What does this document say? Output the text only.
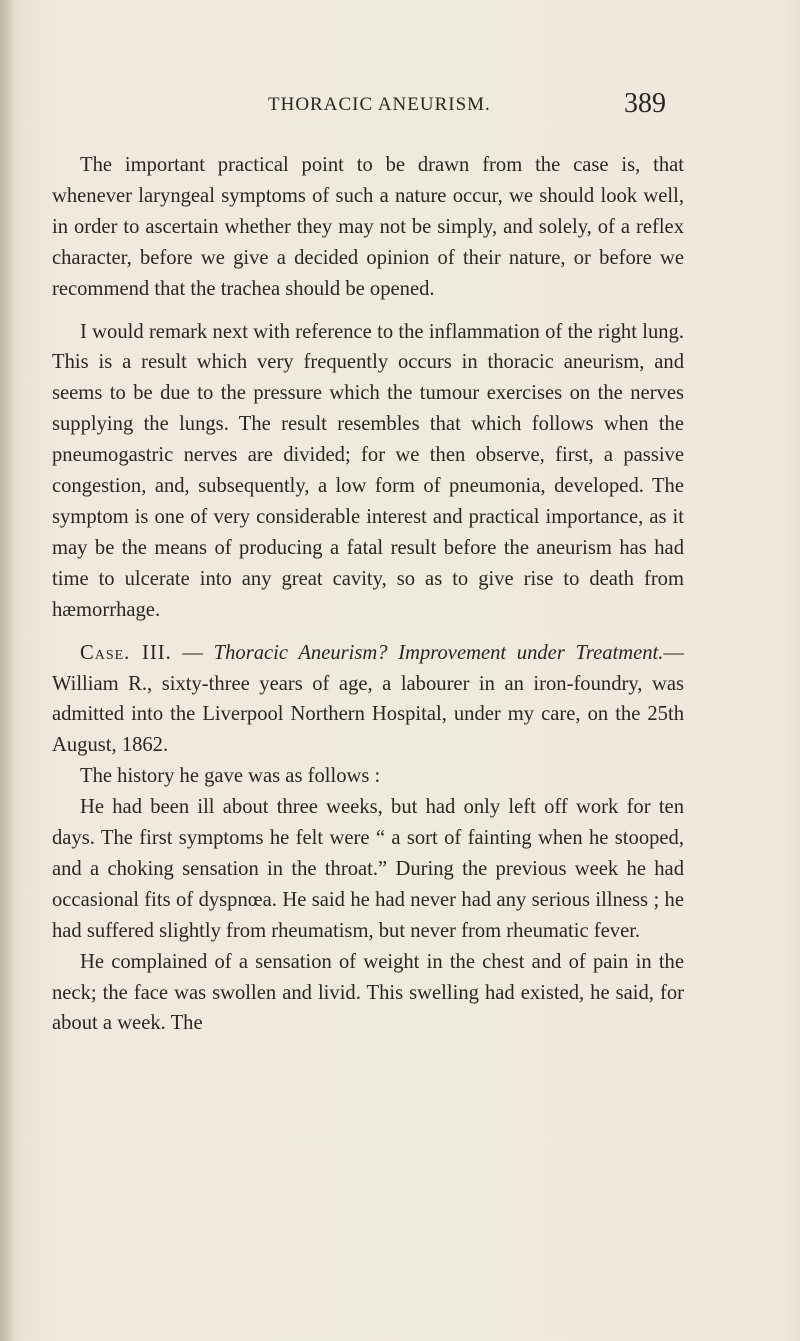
THORACIC ANEURISM.	389

The important practical point to be drawn from the case is, that whenever laryngeal symptoms of such a nature occur, we should look well, in order to ascertain whether they may not be simply, and solely, of a reflex character, before we give a decided opinion of their nature, or before we recommend that the trachea should be opened.

I would remark next with reference to the inflammation of the right lung. This is a result which very frequently occurs in thoracic aneurism, and seems to be due to the pressure which the tumour exercises on the nerves supplying the lungs. The result resembles that which follows when the pneumogastric nerves are divided; for we then observe, first, a passive congestion, and, subsequently, a low form of pneumonia, developed. The symptom is one of very considerable interest and practical importance, as it may be the means of producing a fatal result before the aneurism has had time to ulcerate into any great cavity, so as to give rise to death from hæmorrhage.

Case. III. — Thoracic Aneurism? Improvement under Treatment.—William R., sixty-three years of age, a labourer in an iron-foundry, was admitted into the Liverpool Northern Hospital, under my care, on the 25th August, 1862.

The history he gave was as follows :

He had been ill about three weeks, but had only left off work for ten days. The first symptoms he felt were “ a sort of fainting when he stooped, and a choking sensation in the throat.” During the previous week he had occasional fits of dyspnœa. He said he had never had any serious illness ; he had suffered slightly from rheumatism, but never from rheumatic fever.

He complained of a sensation of weight in the chest and of pain in the neck; the face was swollen and livid. This swelling had existed, he said, for about a week. The
